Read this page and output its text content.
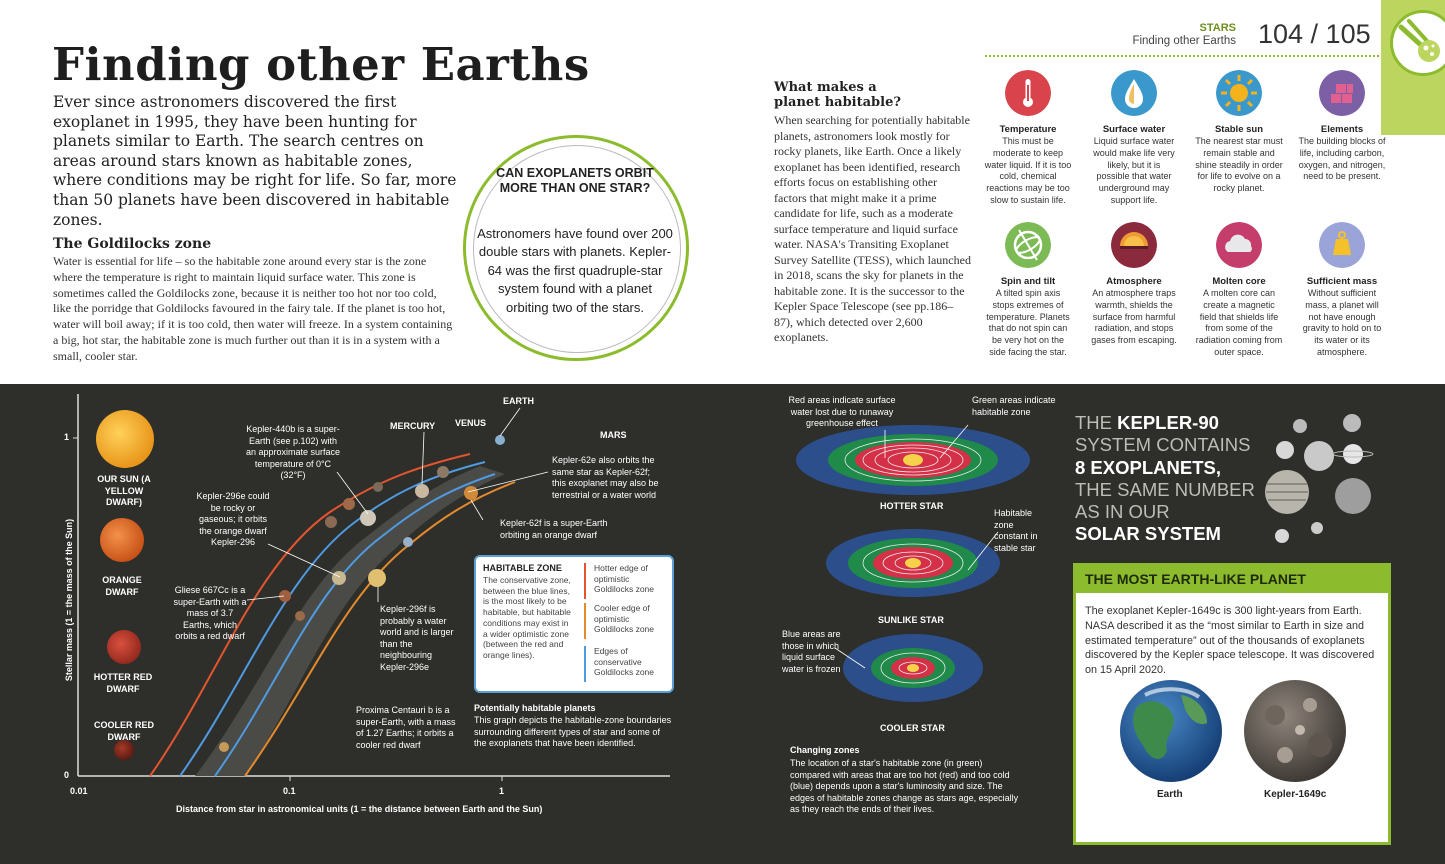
Finding other Earths
Ever since astronomers discovered the first exoplanet in 1995, they have been hunting for planets similar to Earth. The search centres on areas around stars known as habitable zones, where conditions may be right for life. So far, more than 50 planets have been discovered in habitable zones.
The Goldilocks zone
Water is essential for life – so the habitable zone around every star is the zone where the temperature is right to maintain liquid surface water. This zone is sometimes called the Goldilocks zone, because it is neither too hot nor too cold, like the porridge that Goldilocks favoured in the fairy tale. If the planet is too hot, water will boil away; if it is too cold, then water will freeze. In a system containing a big, hot star, the habitable zone is much further out than it is in a system with a small, cooler star.
CAN EXOPLANETS ORBIT MORE THAN ONE STAR?
Astronomers have found over 200 double stars with planets. Kepler-64 was the first quadruple-star system found with a planet orbiting two of the stars.
What makes a planet habitable?
When searching for potentially habitable planets, astronomers look mostly for rocky planets, like Earth. Once a likely exoplanet has been identified, research efforts focus on establishing other factors that might make it a prime candidate for life, such as a moderate surface temperature and liquid surface water. NASA's Transiting Exoplanet Survey Satellite (TESS), which launched in 2018, scans the sky for planets in the habitable zone. It is the successor to the Kepler Space Telescope (see pp.186–87), which detected over 2,600 exoplanets.
STARS
Finding other Earths 104 / 105
Temperature
This must be moderate to keep water liquid. If it is too cold, chemical reactions may be too slow to sustain life.
Surface water
Liquid surface water would make life very likely, but it is possible that water underground may support life.
Stable sun
The nearest star must remain stable and shine steadily in order for life to evolve on a rocky planet.
Elements
The building blocks of life, including carbon, oxygen, and nitrogen, need to be present.
Spin and tilt
A tilted spin axis stops extremes of temperature. Planets that do not spin can be very hot on the side facing the star.
Atmosphere
An atmosphere traps warmth, shields the surface from harmful radiation, and stops gases from escaping.
Molten core
A molten core can create a magnetic field that shields life from some of the radiation coming from outer space.
Sufficient mass
Without sufficient mass, a planet will not have enough gravity to hold on to its water or its atmosphere.
Stellar mass (1 = the mass of the Sun)
1
0
0.01	0.1	1
Distance from star in astronomical units (1 = the distance between Earth and the Sun)
OUR SUN (A YELLOW DWARF)
ORANGE DWARF
HOTTER RED DWARF
COOLER RED DWARF
MERCURY VENUS
EARTH
MARS
Kepler-440b is a super-Earth (see p.102) with an approximate surface temperature of 0°C (32°F)
Kepler-296e could be rocky or gaseous; it orbits the orange dwarf Kepler-296
Gliese 667Cc is a super-Earth with a mass of 3.7 Earths, which orbits a red dwarf
Kepler-296f is probably a water world and is larger than the neighbouring Kepler-296e
Proxima Centauri b is a super-Earth, with a mass of 1.27 Earths; it orbits a cooler red dwarf
Kepler-62e also orbits the same star as Kepler-62f; this exoplanet may also be terrestrial or a water world
Kepler-62f is a super-Earth orbiting an orange dwarf
HABITABLE ZONE
The conservative zone, between the blue lines, is the most likely to be habitable, but habitable conditions may exist in a wider optimistic zone (between the red and orange lines).
Hotter edge of optimistic Goldilocks zone
Cooler edge of optimistic Goldilocks zone
Edges of conservative Goldilocks zone
Potentially habitable planets
This graph depicts the habitable-zone boundaries surrounding different types of star and some of the exoplanets that have been identified.
Red areas indicate surface water lost due to runaway greenhouse effect
Green areas indicate habitable zone
HOTTER STAR
Habitable zone constant in stable star
SUNLIKE STAR
Blue areas are those in which liquid surface water is frozen
COOLER STAR
Changing zones
The location of a star's habitable zone (in green) compared with areas that are too hot (red) and too cold (blue) depends upon a star's luminosity and size. The edges of habitable zones change as stars age, especially as they reach the ends of their lives.
THE KEPLER-90
SYSTEM CONTAINS
8 EXOPLANETS,
THE SAME NUMBER
AS IN OUR
SOLAR SYSTEM
THE MOST EARTH-LIKE PLANET
The exoplanet Kepler-1649c is 300 light-years from Earth. NASA described it as the “most similar to Earth in size and estimated temperature” out of the thousands of exoplanets discovered by the Kepler space telescope. It was discovered on 15 April 2020.
Earth	Kepler-1649c
